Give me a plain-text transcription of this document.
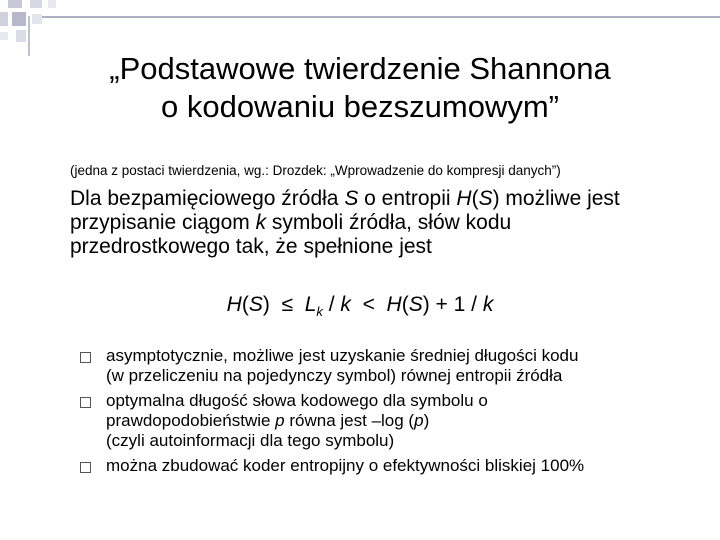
„Podstawowe twierdzenie Shannona
o kodowaniu bezszumowym”
(jedna z postaci twierdzenia, wg.: Drozdek: „Wprowadzenie do kompresji danych”)
Dla bezpamięciowego źródła S o entropii H(S) możliwe jest przypisanie ciągom k symboli źródła, słów kodu przedrostkowego tak, że spełnione jest
$H(S) \le L_k / k < H(S) + 1 / k$
asymptotycznie, możliwe jest uzyskanie średniej długości kodu
(w przeliczeniu na pojedynczy symbol) równej entropii źródła
optymalna długość słowa kodowego dla symbolu o
prawdopodobieństwie p równa jest –log (p)
(czyli autoinformacji dla tego symbolu)
można zbudować koder entropijny o efektywności bliskiej 100%
